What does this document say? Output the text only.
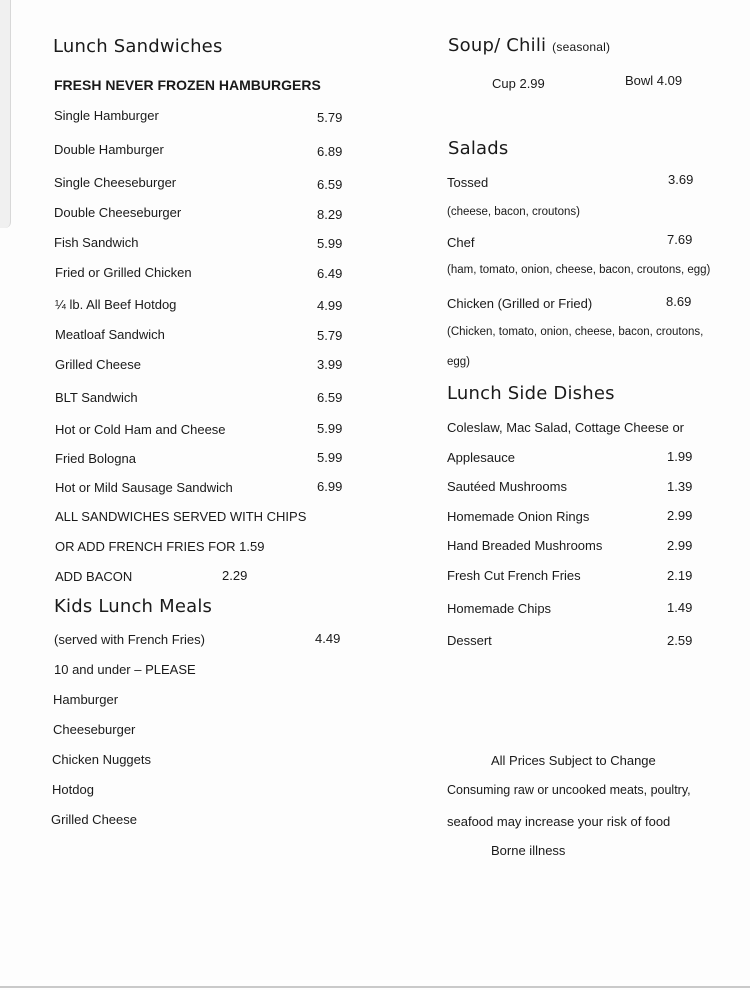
Lunch Sandwiches
FRESH NEVER FROZEN HAMBURGERS
Single Hamburger	5.79
Double Hamburger	6.89
Single Cheeseburger	6.59
Double Cheeseburger	8.29
Fish Sandwich	5.99
Fried or Grilled Chicken	6.49
¼ lb. All Beef Hotdog	4.99
Meatloaf Sandwich	5.79
Grilled Cheese	3.99
BLT Sandwich	6.59
Hot or Cold Ham and Cheese	5.99
Fried Bologna	5.99
Hot or Mild Sausage Sandwich	6.99
ALL SANDWICHES SERVED WITH CHIPS
OR ADD FRENCH FRIES FOR 1.59
ADD BACON	2.29
Kids Lunch Meals
(served with French Fries)	4.49
10 and under – PLEASE
Hamburger
Cheeseburger
Chicken Nuggets
Hotdog
Grilled Cheese
Soup/ Chili (seasonal)
Cup 2.99	Bowl 4.09
Salads
Tossed	3.69
(cheese, bacon, croutons)
Chef	7.69
(ham, tomato, onion, cheese, bacon, croutons, egg)
Chicken (Grilled or Fried)	8.69
(Chicken, tomato, onion, cheese, bacon, croutons,
egg)
Lunch Side Dishes
Coleslaw, Mac Salad, Cottage Cheese or
Applesauce	1.99
Sautéed Mushrooms	1.39
Homemade Onion Rings	2.99
Hand Breaded Mushrooms	2.99
Fresh Cut French Fries	2.19
Homemade Chips	1.49
Dessert	2.59
All Prices Subject to Change
Consuming raw or uncooked meats, poultry,
seafood may increase your risk of food
Borne illness
